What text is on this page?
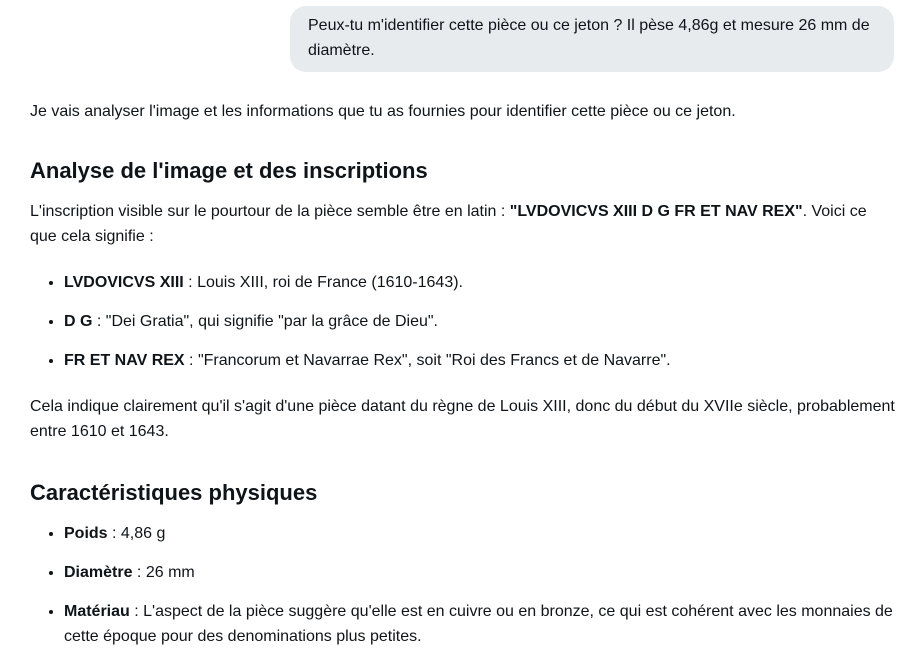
Peux-tu m'identifier cette pièce ou ce jeton ? Il pèse 4,86g et mesure 26 mm de diamètre.

Je vais analyser l'image et les informations que tu as fournies pour identifier cette pièce ou ce jeton.

Analyse de l'image et des inscriptions

L'inscription visible sur le pourtour de la pièce semble être en latin : "LVDOVICVS XIII D G FR ET NAV REX". Voici ce que cela signifie :

• LVDOVICVS XIII : Louis XIII, roi de France (1610-1643).
• D G : "Dei Gratia", qui signifie "par la grâce de Dieu".
• FR ET NAV REX : "Francorum et Navarrae Rex", soit "Roi des Francs et de Navarre".

Cela indique clairement qu'il s'agit d'une pièce datant du règne de Louis XIII, donc du début du XVIIe siècle, probablement entre 1610 et 1643.

Caractéristiques physiques
• Poids : 4,86 g
• Diamètre : 26 mm
• Matériau : L'aspect de la pièce suggère qu'elle est en cuivre ou en bronze, ce qui est cohérent avec les monnaies de cette époque pour des denominations plus petites.
